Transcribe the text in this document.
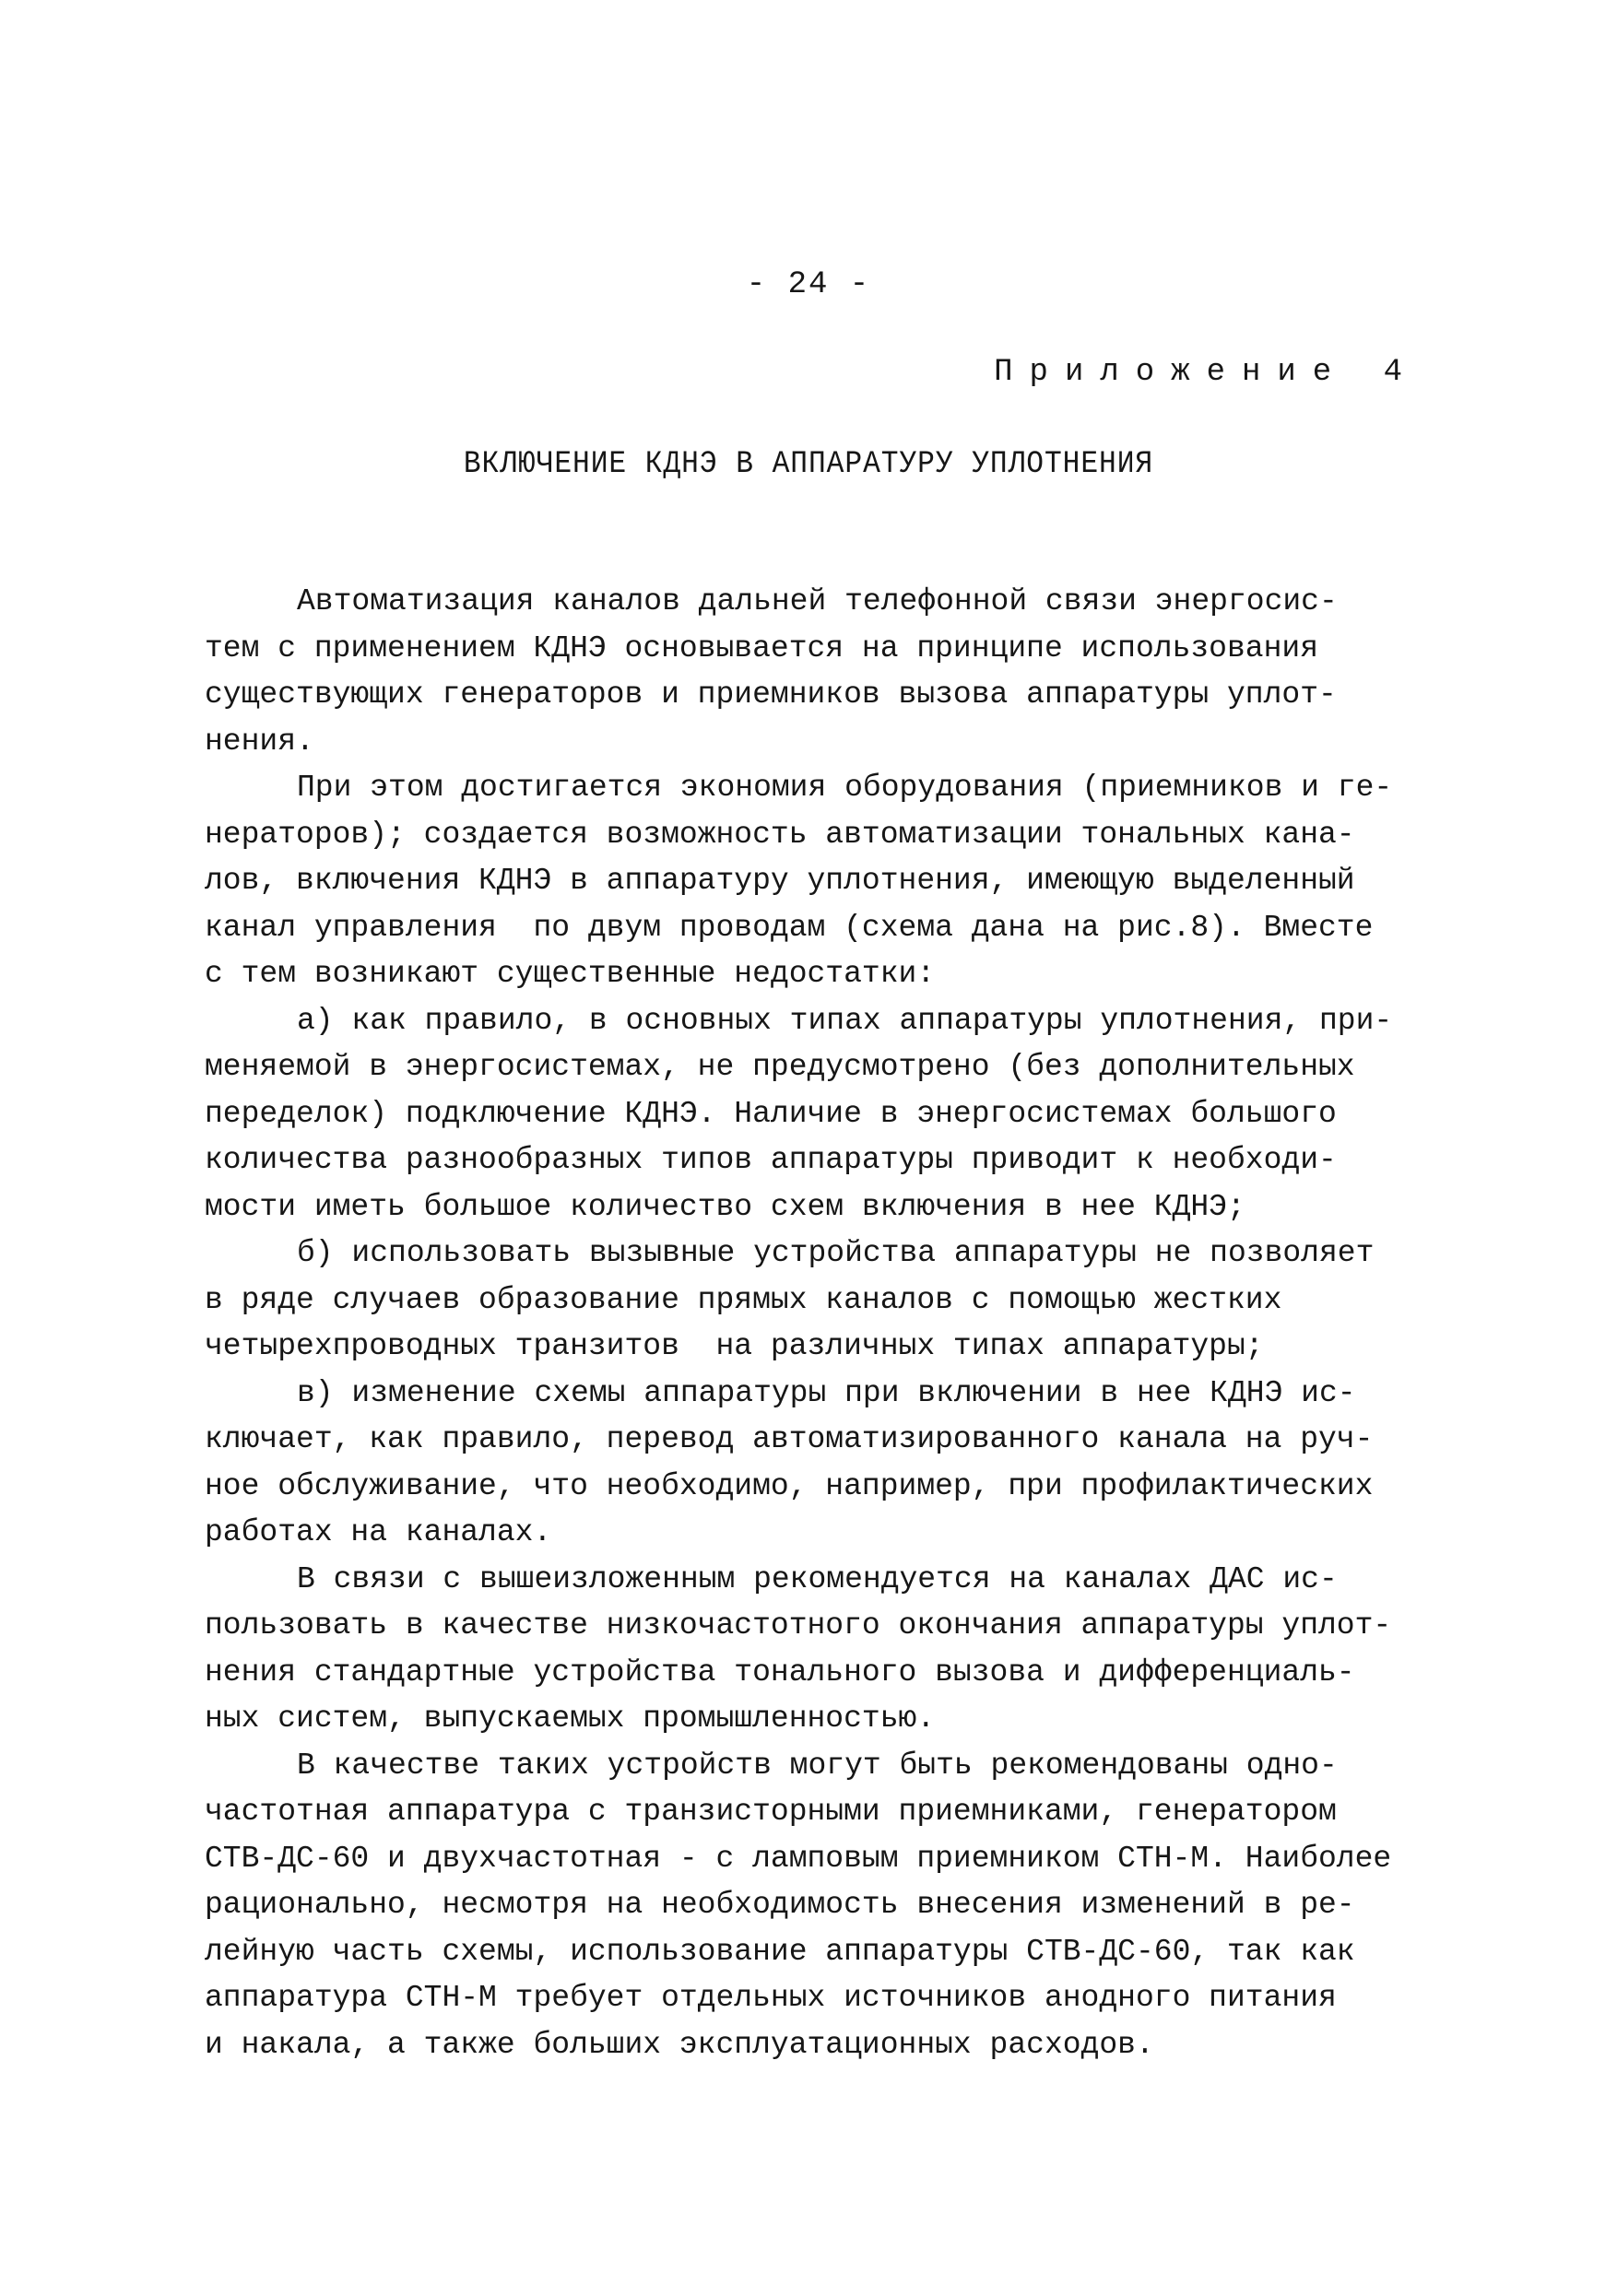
- 24 -
Приложение 4
ВКЛЮЧЕНИЕ КДНЭ В АППАРАТУРУ УПЛОТНЕНИЯ
Автоматизация каналов дальней телефонной связи энергосис-
тем с применением КДНЭ основывается на принципе использования
существующих генераторов и приемников вызова аппаратуры уплот-
нения.
При этом достигается экономия оборудования (приемников и ге-
нераторов); создается возможность автоматизации тональных кана-
лов, включения КДНЭ в аппаратуру уплотнения, имеющую выделенный
канал управления  по двум проводам (схема дана на рис.8). Вместе
с тем возникают существенные недостатки:
а) как правило, в основных типах аппаратуры уплотнения, при-
меняемой в энергосистемах, не предусмотрено (без дополнительных
переделок) подключение КДНЭ. Наличие в энергосистемах большого
количества разнообразных типов аппаратуры приводит к необходи-
мости иметь большое количество схем включения в нее КДНЭ;
б) использовать вызывные устройства аппаратуры не позволяет
в ряде случаев образование прямых каналов с помощью жестких
четырехпроводных транзитов  на различных типах аппаратуры;
в) изменение схемы аппаратуры при включении в нее КДНЭ ис-
ключает, как правило, перевод автоматизированного канала на руч-
ное обслуживание, что необходимо, например, при профилактических
работах на каналах.
В связи с вышеизложенным рекомендуется на каналах ДАС ис-
пользовать в качестве низкочастотного окончания аппаратуры уплот-
нения стандартные устройства тонального вызова и дифференциаль-
ных систем, выпускаемых промышленностью.
В качестве таких устройств могут быть рекомендованы одно-
частотная аппаратура с транзисторными приемниками, генератором
СТВ-ДС-60 и двухчастотная - с ламповым приемником СТН-М. Наиболее
рационально, несмотря на необходимость внесения изменений в ре-
лейную часть схемы, использование аппаратуры СТВ-ДС-60, так как
аппаратура СТН-М требует отдельных источников анодного питания
и накала, а также больших эксплуатационных расходов.
